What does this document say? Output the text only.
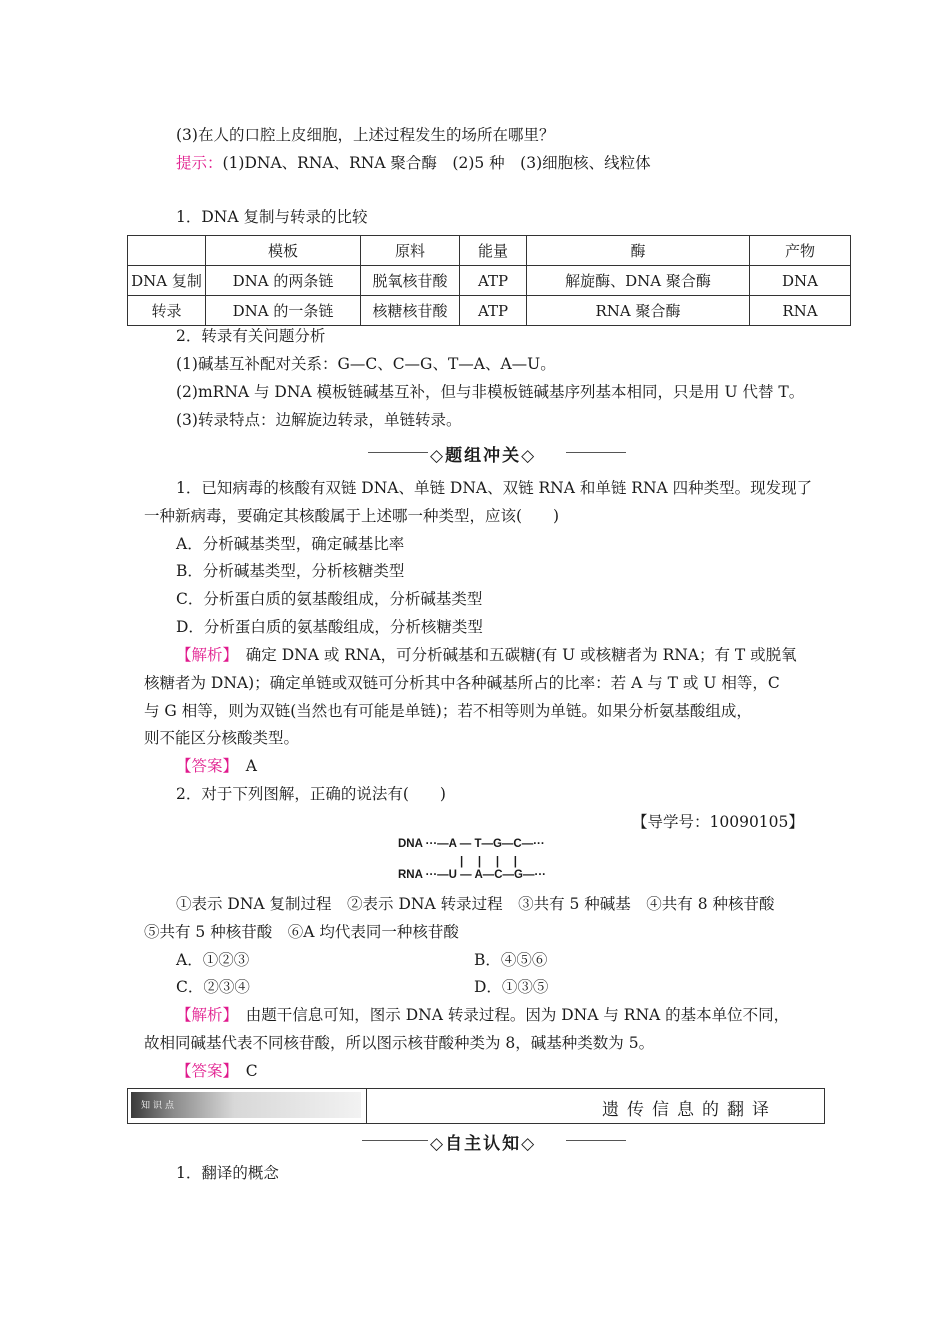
(3)在人的口腔上皮细胞，上述过程发生的场所在哪里？
提示：(1)DNA、RNA、RNA 聚合酶　(2)5 种　(3)细胞核、线粒体
1．DNA 复制与转录的比较
	模板	原料	能量	酶	产物
DNA 复制	DNA 的两条链	脱氧核苷酸	ATP	解旋酶、DNA 聚合酶	DNA
转录	DNA 的一条链	核糖核苷酸	ATP	RNA 聚合酶	RNA
2．转录有关问题分析
(1)碱基互补配对关系：G—C、C—G、T—A、A—U。
(2)mRNA 与 DNA 模板链碱基互补，但与非模板链碱基序列基本相同，只是用 U 代替 T。
(3)转录特点：边解旋边转录，单链转录。
◇题组冲关◇
1．已知病毒的核酸有双链 DNA、单链 DNA、双链 RNA 和单链 RNA 四种类型。现发现了
一种新病毒，要确定其核酸属于上述哪一种类型，应该(　　)
A．分析碱基类型，确定碱基比率
B．分析碱基类型，分析核糖类型
C．分析蛋白质的氨基酸组成，分析碱基类型
D．分析蛋白质的氨基酸组成，分析核糖类型
【解析】　 确定 DNA 或 RNA，可分析碱基和五碳糖(有 U 或核糖者为 RNA；有 T 或脱氧
核糖者为 DNA)；确定单链或双链可分析其中各种碱基所占的比率：若 A 与 T 或 U 相等，C
与 G 相等，则为双链(当然也有可能是单链)；若不相等则为单链。如果分析氨基酸组成，
则不能区分核酸类型。
【答案】　 A
2．对于下列图解，正确的说法有(　　)
【导学号：10090105】
DNA ···—A — T—G—C—···
|　 |　 |　 |
RNA ···—U — A—C—G—···
①表示 DNA 复制过程　②表示 DNA 转录过程　③共有 5 种碱基　④共有 8 种核苷酸
⑤共有 5 种核苷酸　⑥A 均代表同一种核苷酸
A．①②③	B．④⑤⑥
C．②③④	D．①③⑤
【解析】　 由题干信息可知，图示 DNA 转录过程。因为 DNA 与 RNA 的基本单位不同，
故相同碱基代表不同核苷酸，所以图示核苷酸种类为 8，碱基种类数为 5。
【答案】　 C
知识点	遗传信息的翻译
◇自主认知◇
1．翻译的概念
